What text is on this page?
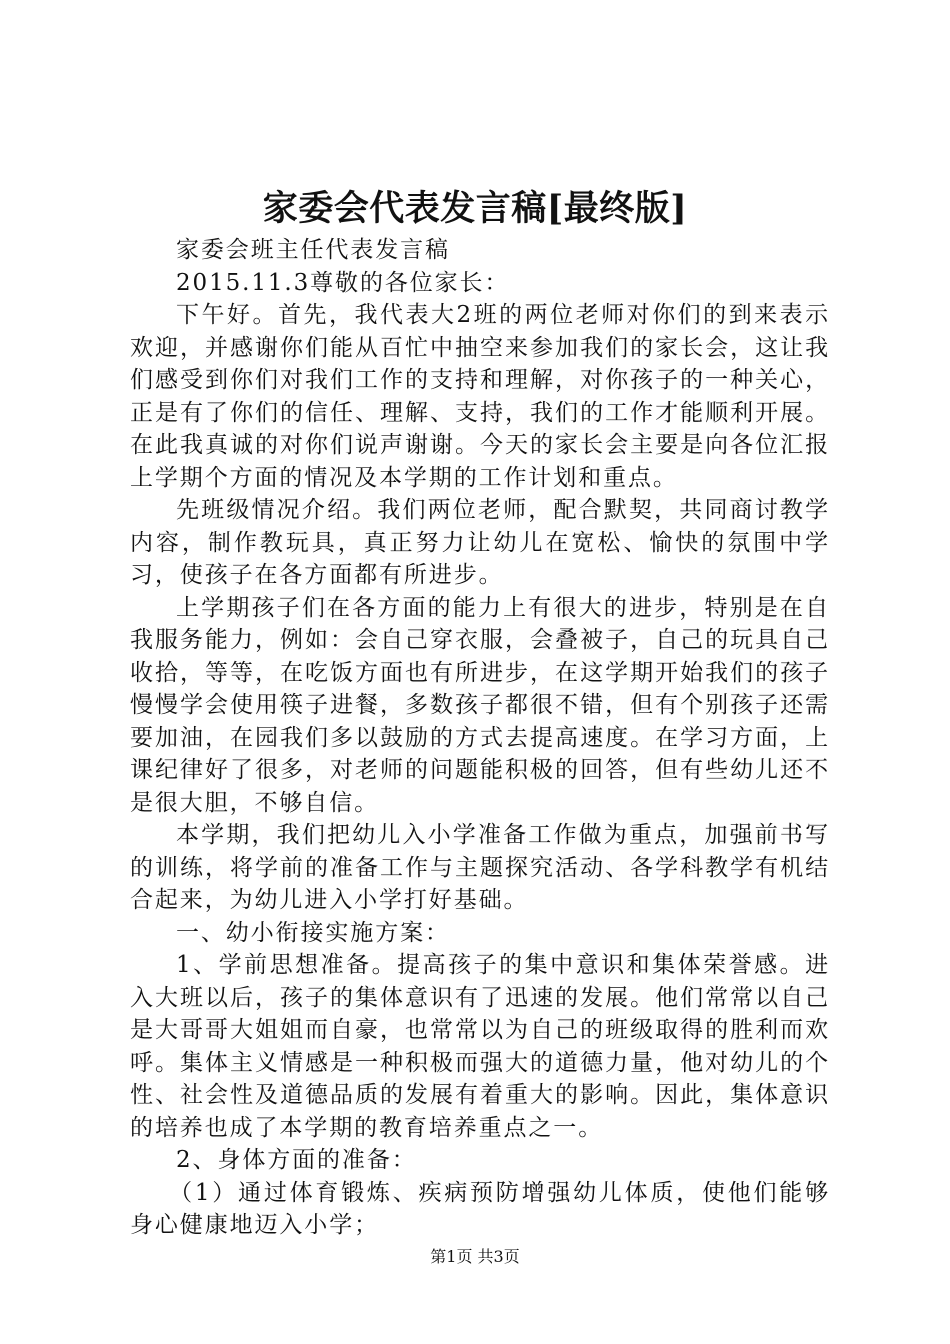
家委会代表发言稿[最终版]

家委会班主任代表发言稿

2015.11.3尊敬的各位家长：

下午好。首先，我代表大2班的两位老师对你们的到来表示欢迎，并感谢你们能从百忙中抽空来参加我们的家长会，这让我们感受到你们对我们工作的支持和理解，对你孩子的一种关心，正是有了你们的信任、理解、支持，我们的工作才能顺利开展。在此我真诚的对你们说声谢谢。今天的家长会主要是向各位汇报上学期个方面的情况及本学期的工作计划和重点。

先班级情况介绍。我们两位老师，配合默契，共同商讨教学内容，制作教玩具，真正努力让幼儿在宽松、愉快的氛围中学习，使孩子在各方面都有所进步。

上学期孩子们在各方面的能力上有很大的进步，特别是在自我服务能力，例如：会自己穿衣服，会叠被子，自己的玩具自己收拾，等等，在吃饭方面也有所进步，在这学期开始我们的孩子慢慢学会使用筷子进餐，多数孩子都很不错，但有个别孩子还需要加油，在园我们多以鼓励的方式去提高速度。在学习方面，上课纪律好了很多，对老师的问题能积极的回答，但有些幼儿还不是很大胆，不够自信。

本学期，我们把幼儿入小学准备工作做为重点，加强前书写的训练，将学前的准备工作与主题探究活动、各学科教学有机结合起来，为幼儿进入小学打好基础。

一、幼小衔接实施方案：

1、学前思想准备。提高孩子的集中意识和集体荣誉感。进入大班以后，孩子的集体意识有了迅速的发展。他们常常以自己是大哥哥大姐姐而自豪，也常常以为自己的班级取得的胜利而欢呼。集体主义情感是一种积极而强大的道德力量，他对幼儿的个性、社会性及道德品质的发展有着重大的影响。因此，集体意识的培养也成了本学期的教育培养重点之一。

2、身体方面的准备：

（1）通过体育锻炼、疾病预防增强幼儿体质，使他们能够身心健康地迈入小学；

第1页 共3页
